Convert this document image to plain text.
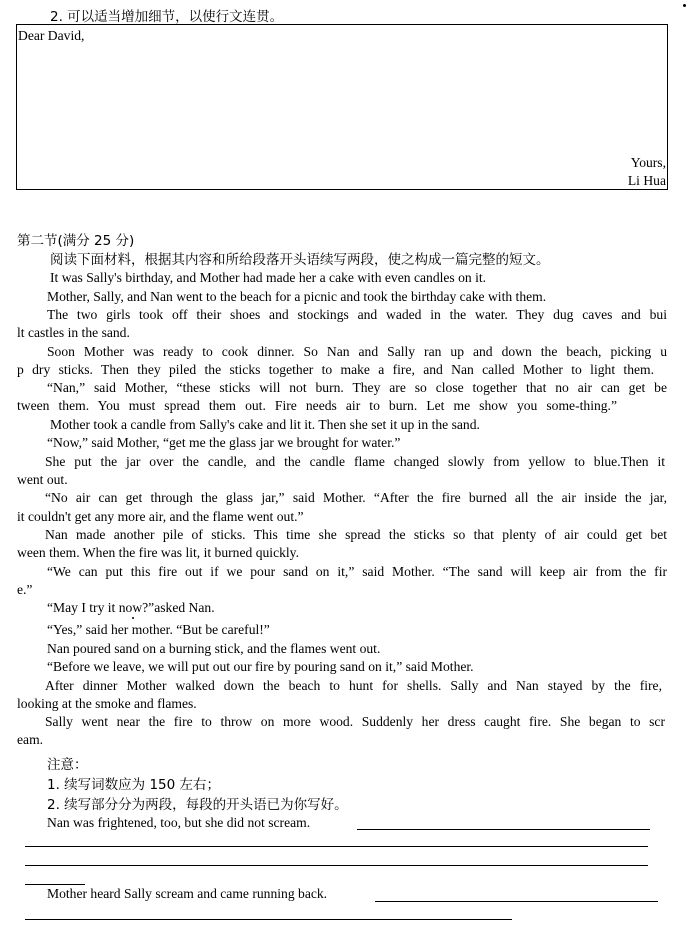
2. 可以适当增加细节，以使行文连贯。
Dear David,
Yours,
Li Hua
第二节(满分 25 分)
阅读下面材料，根据其内容和所给段落开头语续写两段，使之构成一篇完整的短文。
It was Sally's birthday, and Mother had made her a cake with even candles on it.
Mother, Sally, and Nan went to the beach for a picnic and took the birthday cake with them.
The two girls took off their shoes and stockings and waded in the water. They dug caves and bui
lt castles in the sand.
Soon Mother was ready to cook dinner. So Nan and Sally ran up and down the beach, picking u
p dry sticks. Then they piled the sticks together to make a fire, and Nan called Mother to light them.
“Nan,” said Mother, “these sticks will not burn. They are so close together that no air can get be
tween them. You must spread them out. Fire needs air to burn. Let me show you some-thing.”
Mother took a candle from Sally's cake and lit it. Then she set it up in the sand.
“Now,” said Mother, “get me the glass jar we brought for water.”
She put the jar over the candle, and the candle flame changed slowly from yellow to blue.Then it
went out.
“No air can get through the glass jar,” said Mother. “After the fire burned all the air inside the jar,
it couldn't get any more air, and the flame went out.”
Nan made another pile of sticks. This time she spread the sticks so that plenty of air could get bet
ween them. When the fire was lit, it burned quickly.
“We can put this fire out if we pour sand on it,” said Mother. “The sand will keep air from the fir
e.”
“May I try it now?”asked Nan.
“Yes,” said her mother. “But be careful!”
Nan poured sand on a burning stick, and the flames went out.
“Before we leave, we will put out our fire by pouring sand on it,” said Mother.
After dinner Mother walked down the beach to hunt for shells. Sally and Nan stayed by the fire,
looking at the smoke and flames.
Sally went near the fire to throw on more wood. Suddenly her dress caught fire. She began to scr
eam.
注意：
1. 续写词数应为 150 左右；
2. 续写部分分为两段，每段的开头语已为你写好。
Nan was frightened, too, but she did not scream.
Mother heard Sally scream and came running back.
